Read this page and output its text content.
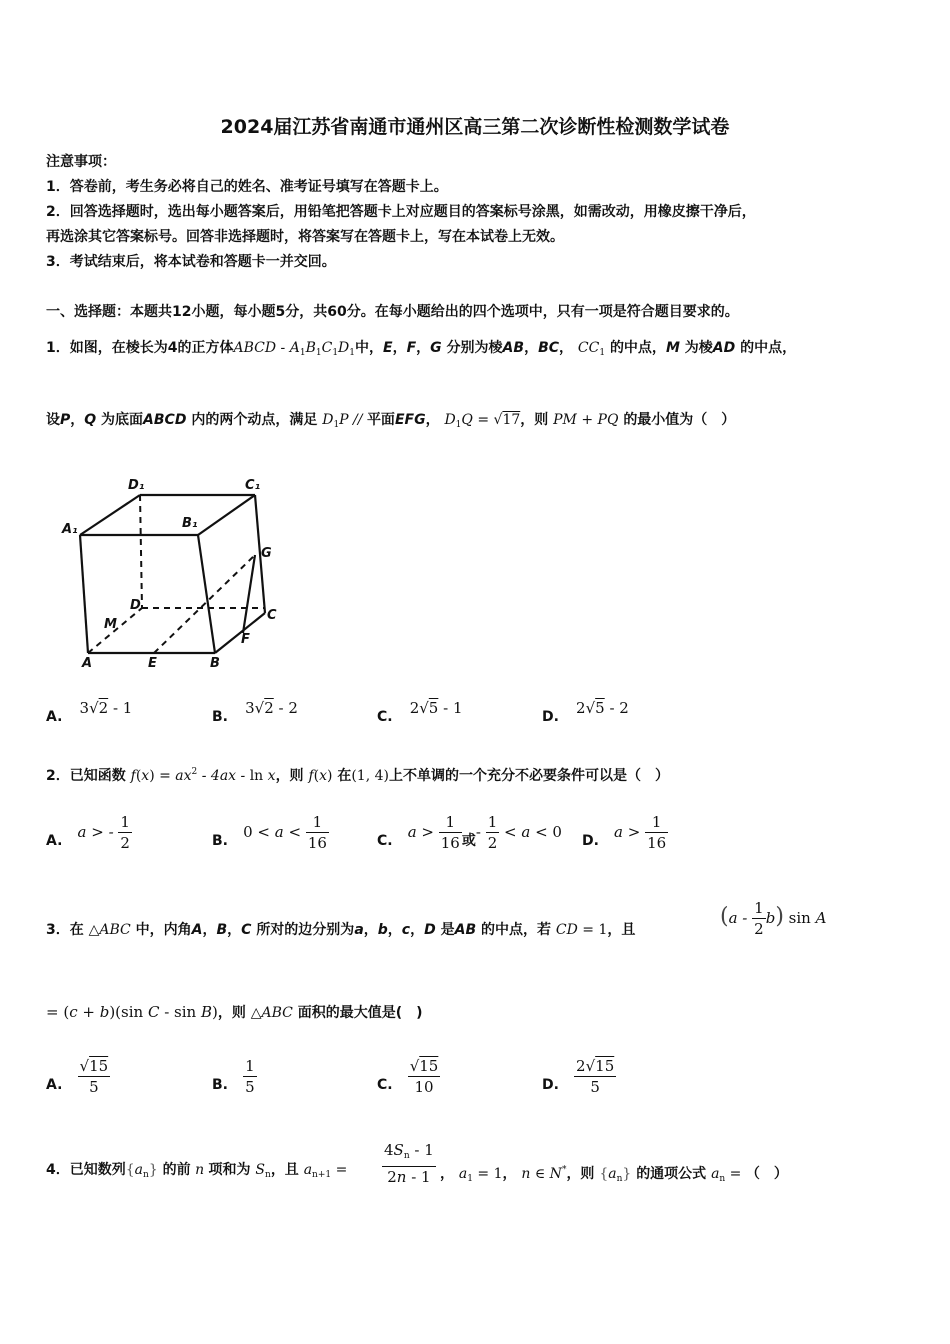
2024届江苏省南通市通州区高三第二次诊断性检测数学试卷
注意事项：
1．答卷前，考生务必将自己的姓名、准考证号填写在答题卡上。
2．回答选择题时，选出每小题答案后，用铅笔把答题卡上对应题目的答案标号涂黑，如需改动，用橡皮擦干净后，
再选涂其它答案标号。回答非选择题时，将答案写在答题卡上，写在本试卷上无效。
3．考试结束后，将本试卷和答题卡一并交回。
一、选择题：本题共12小题，每小题5分，共60分。在每小题给出的四个选项中，只有一项是符合题目要求的。
1．如图，在棱长为4的正方体ABCD - $A_1B_1C_1D_1$中，E，F，G 分别为棱AB，BC， $CC_1$ 的中点，M 为棱AD 的中点，
设P，Q 为底面ABCD 内的两个动点，满足 $D_1P$ // 平面EFG， $D_1Q = √17$，则 PM + PQ 的最小值为（　）
D₁	C₁
A₁	B₁
G
D
M
C
F
A	E	B
A. 3√2 - 1	B. 3√2 - 2	C. 2√5 - 1	D. 2√5 - 2
2．已知函数 $f(x) = ax^2 - 4ax - \ln x$，则 f(x) 在(1, 4)上不单调的一个充分不必要条件可以是（　）
A. a > - $\frac{1}{2}$	B. $0 < a < \frac{1}{16}$	C. $a > \frac{1}{16}$ 或- $\frac{1}{2} < a < 0$ D. $a > \frac{1}{16}$
3．在 △ABC 中，内角A，B，C 所对的边分别为a，b，c，D 是AB 的中点，若 CD = 1，且
$(a - \frac{1}{2} b)$ sin A
= (c + b)(sin C - sin B)，则 △ABC 面积的最大值是(　)
A. $\frac{√15}{5}$	B. $\frac{1}{5}$	C. $\frac{√15}{10}$	D. $\frac{2√15}{5}$
4．已知数列$\{a_n\}$ 的前 n 项和为 $S_n$，且 $a_{n+1} = \frac{4S_n - 1}{2n - 1}$ ， $a_1 = 1$， n ∈ N*，则 $\{a_n\}$ 的通项公式 $a_n$ = （　）
